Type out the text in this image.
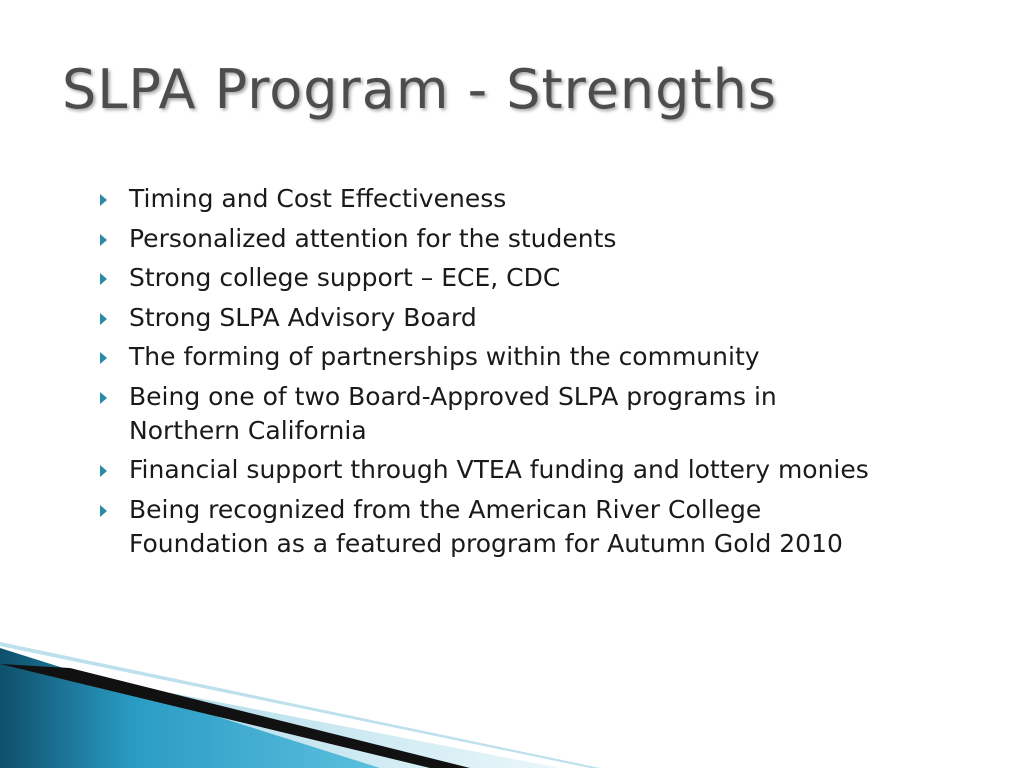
SLPA Program - Strengths
Timing and Cost Effectiveness
Personalized attention for the students
Strong college support – ECE, CDC
Strong SLPA Advisory Board
The forming of partnerships within the community
Being one of two Board-Approved SLPA programs in Northern California
Financial support through VTEA funding and lottery monies
Being recognized from the American River College Foundation as a featured program for Autumn Gold 2010
